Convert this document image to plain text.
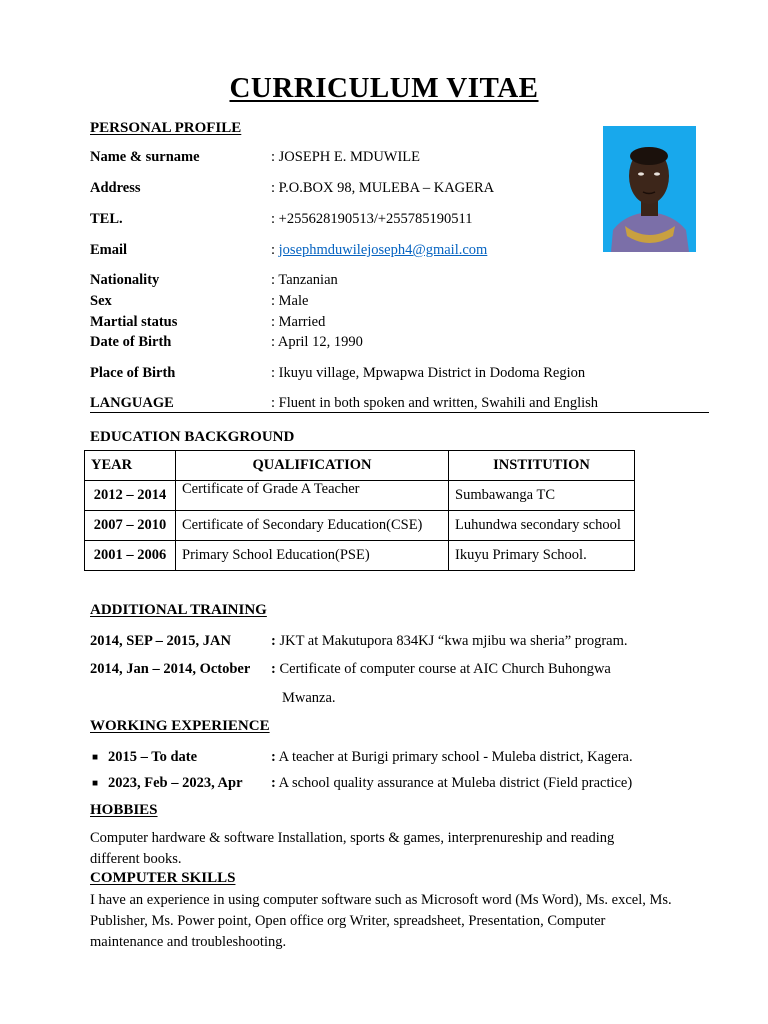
CURRICULUM VITAE
PERSONAL PROFILE
Name & surname	: JOSEPH E. MDUWILE
Address	: P.O.BOX 98, MULEBA – KAGERA
TEL.	: +255628190513/+255785190511
Email	: josephmduwilejoseph4@gmail.com
Nationality	: Tanzanian
Sex	: Male
Martial status	: Married
Date of Birth	: April 12, 1990
Place of Birth	: Ikuyu village, Mpwapwa District in Dodoma Region
LANGUAGE	: Fluent in both spoken and written, Swahili and English
EDUCATION BACKGROUND
YEAR	QUALIFICATION	INSTITUTION
2012 – 2014	Certificate of Grade A Teacher	Sumbawanga TC
2007 – 2010	Certificate of Secondary Education(CSE)	Luhundwa secondary school
2001 – 2006	Primary School Education(PSE)	Ikuyu Primary School.
ADDITIONAL TRAINING
2014, SEP – 2015, JAN	: JKT at Makutupora 834KJ “kwa mjibu wa sheria” program.
2014, Jan – 2014, October : Certificate of computer course at AIC Church Buhongwa
Mwanza.
WORKING EXPERIENCE
■ 2015 – To date	: A teacher at Burigi primary school - Muleba district, Kagera.
■ 2023, Feb – 2023, Apr : A school quality assurance at Muleba district (Field practice)
HOBBIES
Computer hardware & software Installation, sports & games, interprenureship and reading different books.
COMPUTER SKILLS
I have an experience in using computer software such as Microsoft word (Ms Word), Ms. excel, Ms. Publisher, Ms. Power point, Open office org Writer, spreadsheet, Presentation, Computer maintenance and troubleshooting.
